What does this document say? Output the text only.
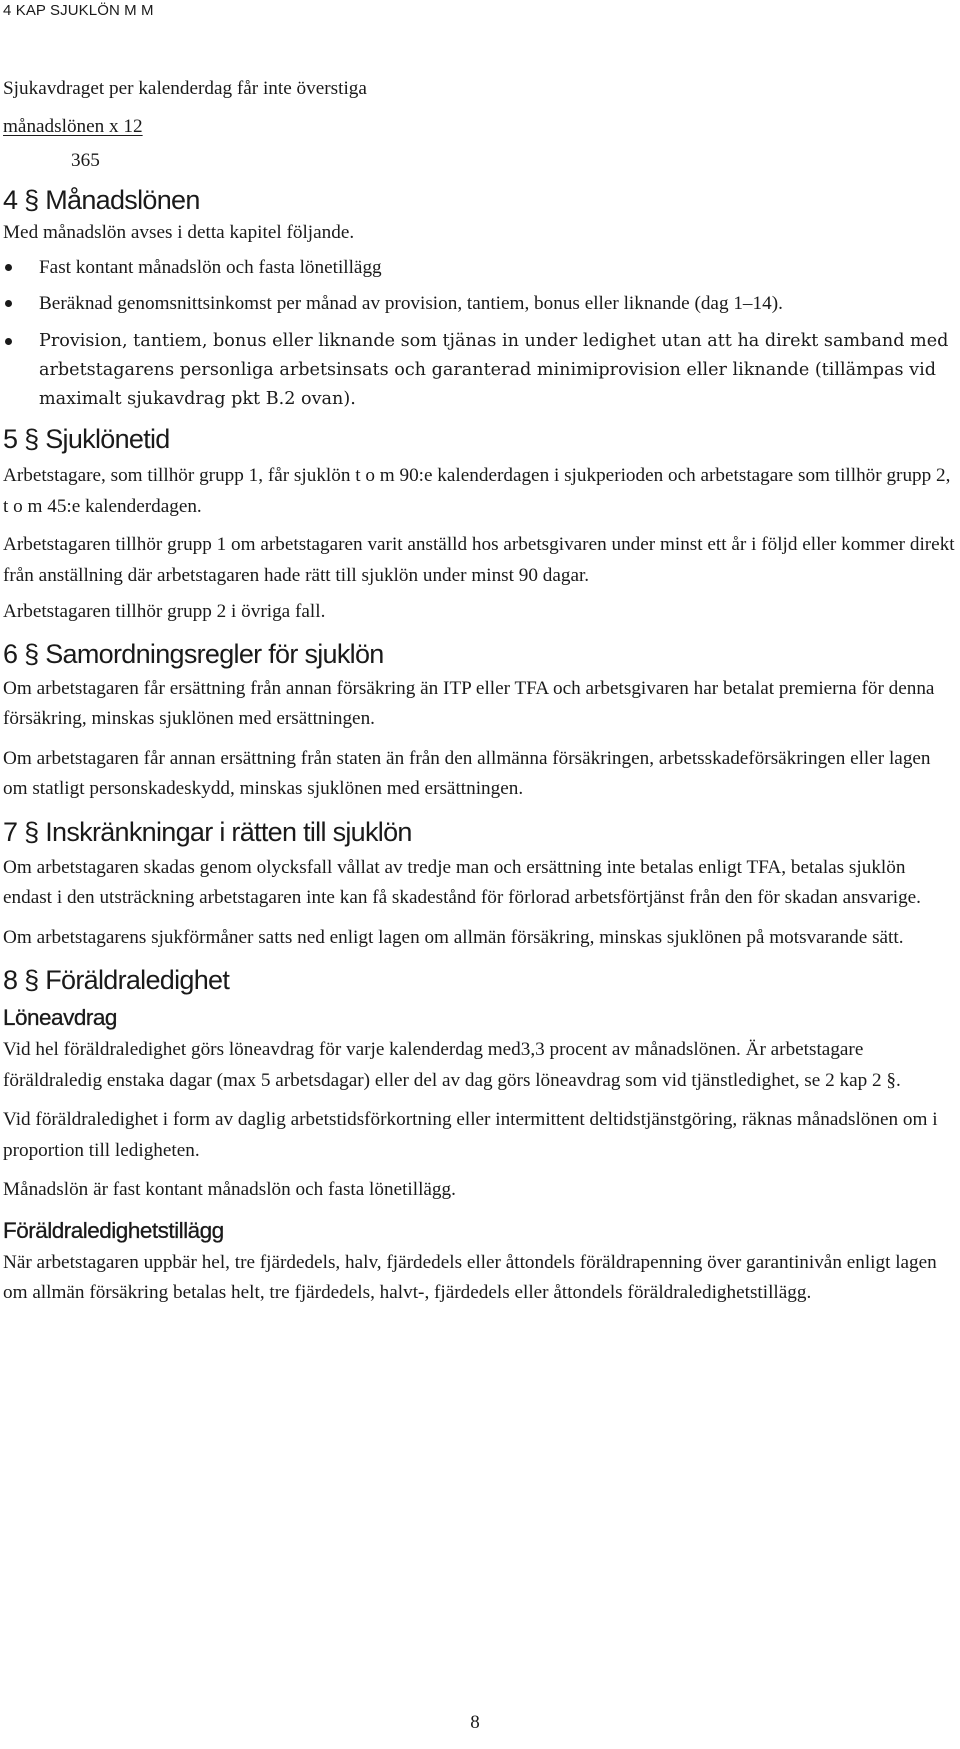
4 KAP SJUKLÖN M M

Sjukavdraget per kalenderdag får inte överstiga

månadslönen x 12

365

4 § Månadslönen

Med månadslön avses i detta kapitel följande.

Fast kontant månadslön och fasta lönetillägg
Beräknad genomsnittsinkomst per månad av provision, tantiem, bonus eller liknande (dag 1–14).
Provision, tantiem, bonus eller liknande som tjänas in under ledighet utan att ha direkt samband med arbetstagarens personliga arbetsinsats och garanterad minimiprovision eller liknande (tillämpas vid maximalt sjukavdrag pkt B.2 ovan).
5 § Sjuklönetid

Arbetstagare, som tillhör grupp 1, får sjuklön t o m 90:e kalenderdagen i sjukperioden och arbetstagare som tillhör grupp 2, t o m 45:e kalenderdagen.

Arbetstagaren tillhör grupp 1 om arbetstagaren varit anställd hos arbetsgivaren under minst ett år i följd eller kommer direkt från anställning där arbetstagaren hade rätt till sjuklön under minst 90 dagar.

Arbetstagaren tillhör grupp 2 i övriga fall.

6 § Samordningsregler för sjuklön

Om arbetstagaren får ersättning från annan försäkring än ITP eller TFA och arbetsgivaren har betalat premierna för denna försäkring, minskas sjuklönen med ersättningen.

Om arbetstagaren får annan ersättning från staten än från den allmänna försäkringen, arbetsskadeförsäkringen eller lagen om statligt personskadeskydd, minskas sjuklönen med ersättningen.

7 § Inskränkningar i rätten till sjuklön

Om arbetstagaren skadas genom olycksfall vållat av tredje man och ersättning inte betalas enligt TFA, betalas sjuklön endast i den utsträckning arbetstagaren inte kan få skadestånd för förlorad arbetsförtjänst från den för skadan ansvarige.

Om arbetstagarens sjukförmåner satts ned enligt lagen om allmän försäkring, minskas sjuklönen på motsvarande sätt.

8 § Föräldraledighet
Löneavdrag

Vid hel föräldraledighet görs löneavdrag för varje kalenderdag med3,3 procent av månadslönen. Är arbetstagare föräldraledig enstaka dagar (max 5 arbetsdagar) eller del av dag görs löneavdrag som vid tjänstledighet, se 2 kap 2 §.

Vid föräldraledighet i form av daglig arbetstidsförkortning eller intermittent deltidstjänstgöring, räknas månadslönen om i proportion till ledigheten.

Månadslön är fast kontant månadslön och fasta lönetillägg.

Föräldraledighetstillägg

När arbetstagaren uppbär hel, tre fjärdedels, halv, fjärdedels eller åttondels föräldrapenning över garantinivån enligt lagen om allmän försäkring betalas helt, tre fjärdedels, halvt-, fjärdedels eller åttondels föräldraledighetstillägg.

8
